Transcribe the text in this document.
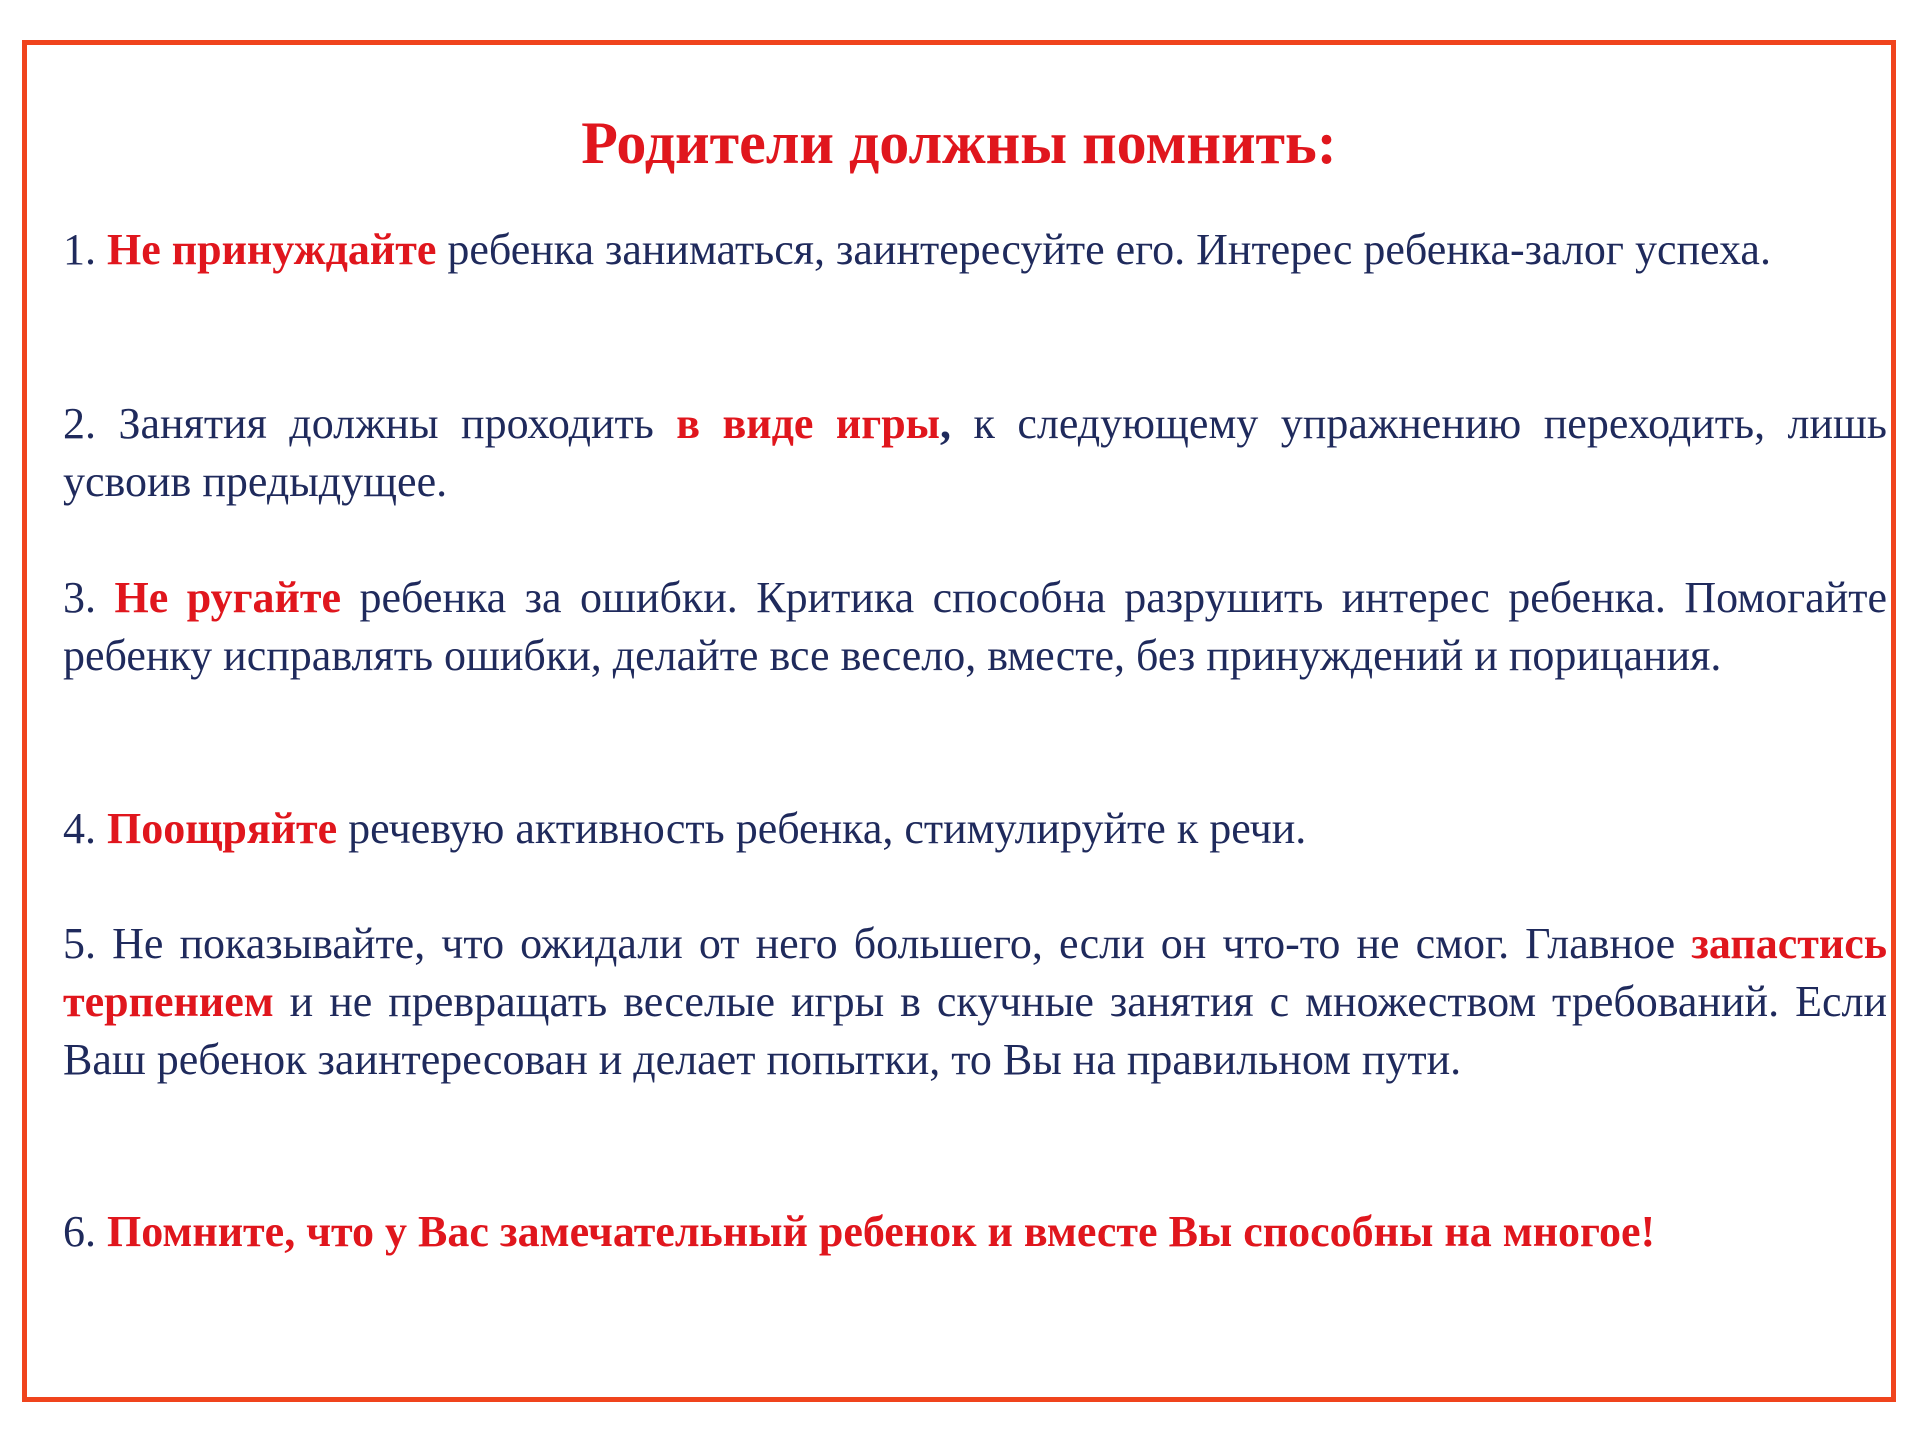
Родители должны помнить:

1. Не принуждайте ребенка заниматься, заинтересуйте его. Интерес ребенка-залог успеха.

2. Занятия должны проходить в виде игры, к следующему упражнению переходить, лишь усвоив предыдущее.

3. Не ругайте ребенка за ошибки. Критика способна разрушить интерес ребенка. Помогайте ребенку исправлять ошибки, делайте все весело, вместе, без принуждений и порицания.

4. Поощряйте речевую активность ребенка, стимулируйте к речи.

5. Не показывайте, что ожидали от него большего, если он что-то не смог. Главное запастись терпением и не превращать веселые игры в скучные занятия с множеством требований. Если Ваш ребенок заинтересован и делает попытки, то Вы на правильном пути.

6. Помните, что у Вас замечательный ребенок и вместе Вы способны на многое!
